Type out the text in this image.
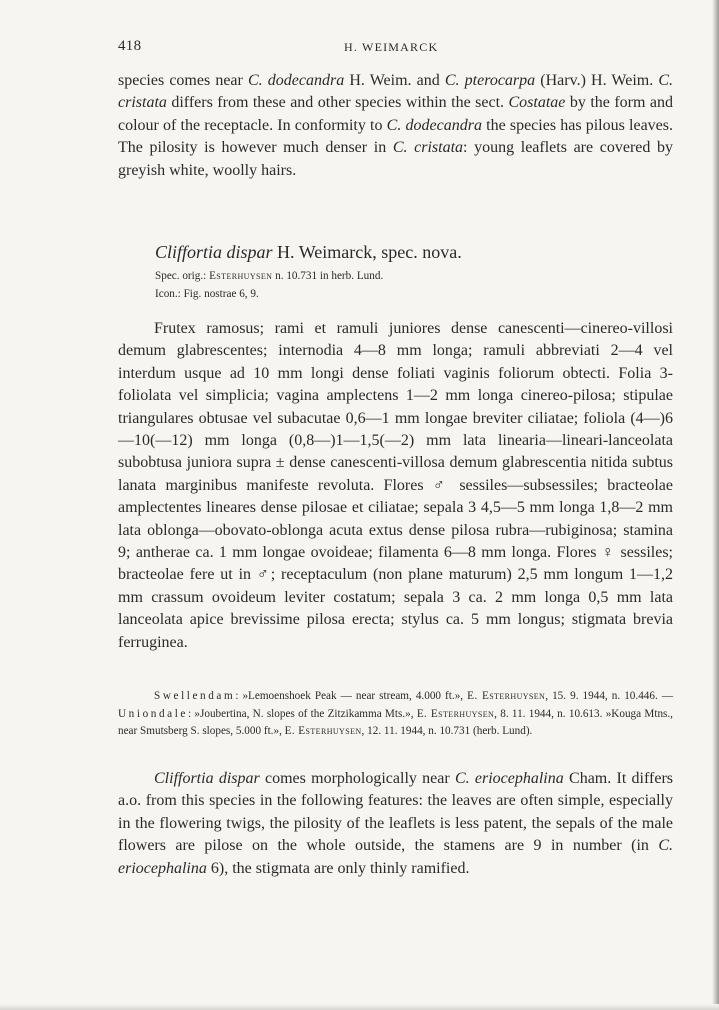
418	H. WEIMARCK

species comes near C. dodecandra H. Weim. and C. pterocarpa (Harv.) H. Weim. C. cristata differs from these and other species within the sect. Costatae by the form and colour of the receptacle. In conformity to C. dodecandra the species has pilous leaves. The pilosity is however much denser in C. cristata: young leaflets are covered by greyish white, woolly hairs.

Cliffortia dispar H. Weimarck, spec. nova.

Spec. orig.: Esterhuysen n. 10.731 in herb. Lund.

Icon.: Fig. nostrae 6, 9.

Frutex ramosus; rami et ramuli juniores dense canescenti—cinereo-villosi demum glabrescentes; internodia 4—8 mm longa; ramuli abbreviati 2—4 vel interdum usque ad 10 mm longi dense foliati vaginis foliorum obtecti. Folia 3-foliolata vel simplicia; vagina amplectens 1—2 mm longa cinereo-pilosa; stipulae triangulares obtusae vel subacutae 0,6—1 mm longae breviter ciliatae; foliola (4—)6—10(—12) mm longa (0,8—)1—1,5(—2) mm lata linearia—lineari-lanceolata subobtusa juniora supra ± dense canescenti-villosa demum glabrescentia nitida subtus lanata marginibus manifeste revoluta. Flores ♂ sessiles—subsessiles; bracteolae amplectentes lineares dense pilosae et ciliatae; sepala 3 4,5—5 mm longa 1,8—2 mm lata oblonga—obovato-oblonga acuta extus dense pilosa rubra—rubiginosa; stamina 9; antherae ca. 1 mm longae ovoideae; filamenta 6—8 mm longa. Flores ♀ sessiles; bracteolae fere ut in ♂; receptaculum (non plane maturum) 2,5 mm longum 1—1,2 mm crassum ovoideum leviter costatum; sepala 3 ca. 2 mm longa 0,5 mm lata lanceolata apice brevissime pilosa erecta; stylus ca. 5 mm longus; stigmata brevia ferruginea.

Swellendam: »Lemoenshoek Peak — near stream, 4.000 ft.», E. Esterhuysen, 15. 9. 1944, n. 10.446. — Uniondale: »Joubertina, N. slopes of the Zitzikamma Mts.», E. Esterhuysen, 8. 11. 1944, n. 10.613. »Kouga Mtns., near Smutsberg S. slopes, 5.000 ft.», E. Esterhuysen, 12. 11. 1944, n. 10.731 (herb. Lund).

Cliffortia dispar comes morphologically near C. eriocephalina Cham. It differs a.o. from this species in the following features: the leaves are often simple, especially in the flowering twigs, the pilosity of the leaflets is less patent, the sepals of the male flowers are pilose on the whole outside, the stamens are 9 in number (in C. eriocephalina 6), the stigmata are only thinly ramified.
